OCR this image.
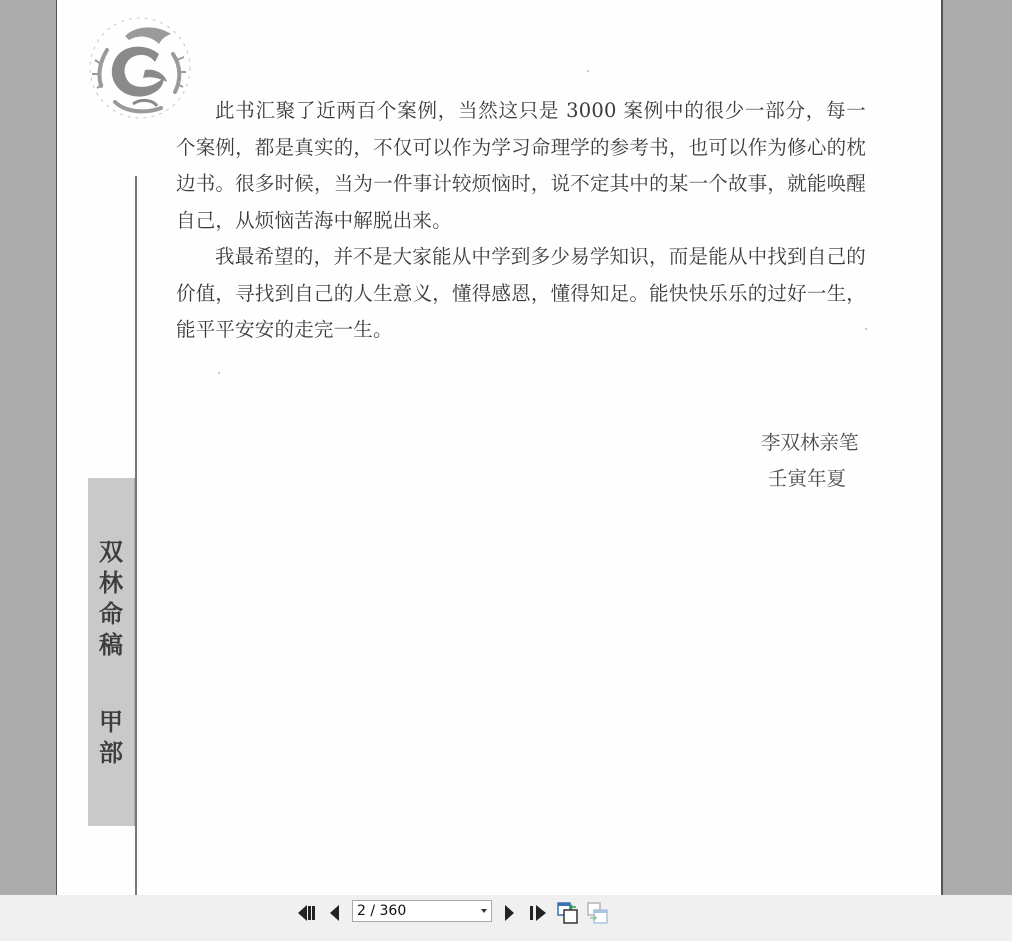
双
林
命
稿
甲
部

此书汇聚了近两百个案例，当然这只是 3000 案例中的很少一部分，每一个案例，都是真实的，不仅可以作为学习命理学的参考书，也可以作为修心的枕边书。很多时候，当为一件事计较烦恼时，说不定其中的某一个故事，就能唤醒自己，从烦恼苦海中解脱出来。

我最希望的，并不是大家能从中学到多少易学知识，而是能从中找到自己的价值，寻找到自己的人生意义，懂得感恩，懂得知足。能快快乐乐的过好一生，能平平安安的走完一生。

李双林亲笔
壬寅年夏
2 / 360
